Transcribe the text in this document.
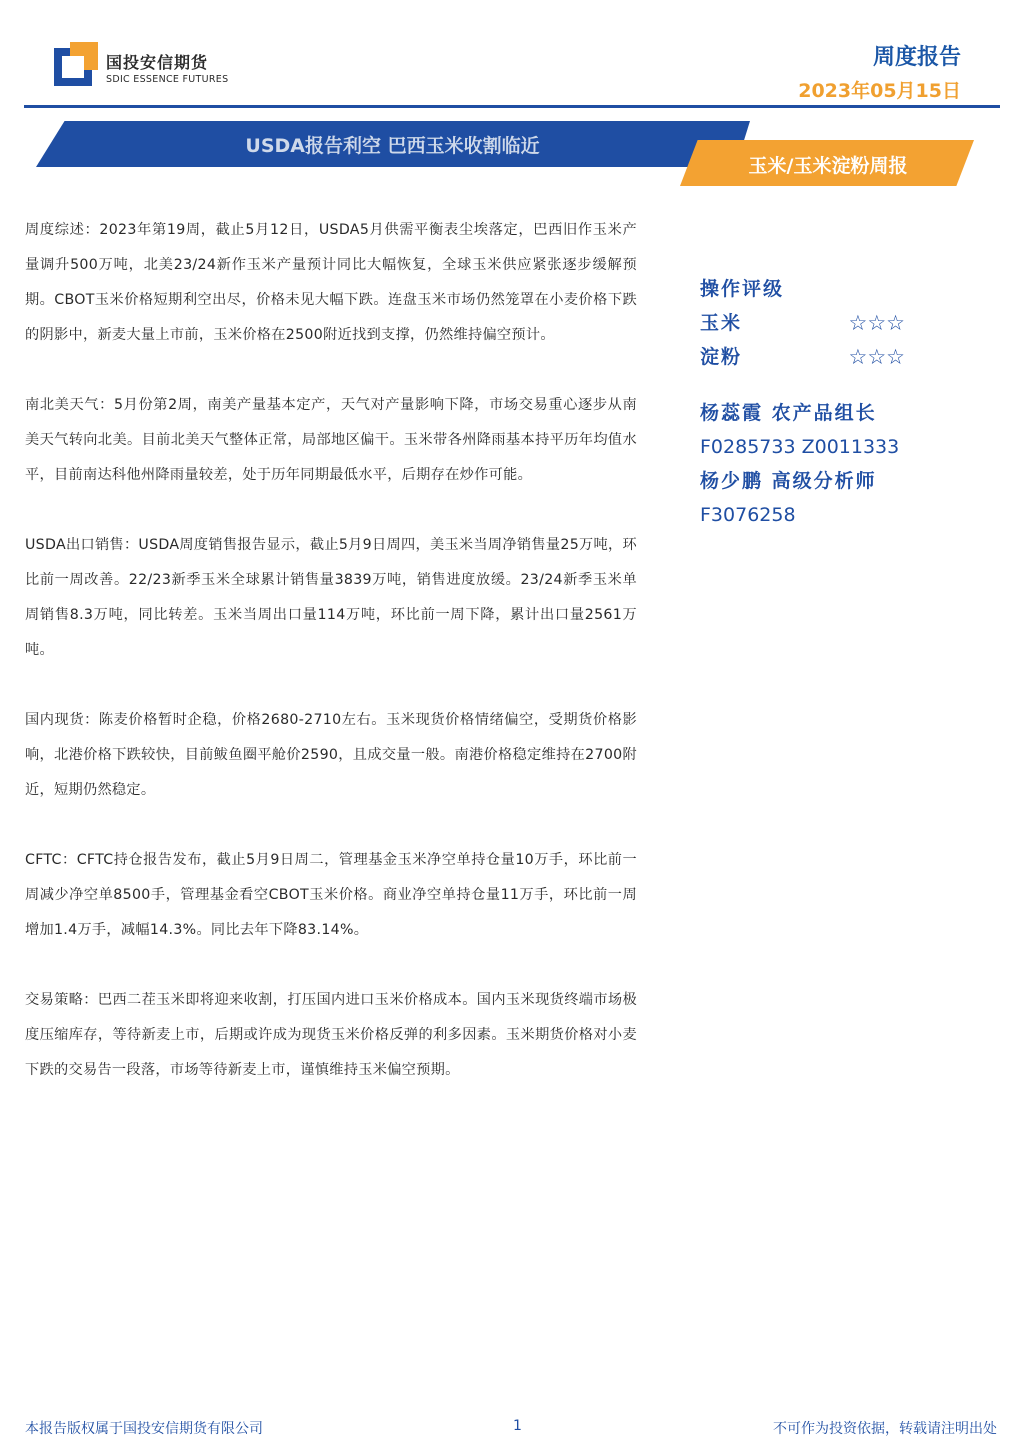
国投安信期货
SDIC ESSENCE FUTURES
周度报告
2023年05月15日
USDA报告利空 巴西玉米收割临近
玉米/玉米淀粉周报

周度综述：2023年第19周，截止5月12日，USDA5月供需平衡表尘埃落定，巴西旧作玉米产量调升500万吨，北美23/24新作玉米产量预计同比大幅恢复，全球玉米供应紧张逐步缓解预期。CBOT玉米价格短期利空出尽，价格未见大幅下跌。连盘玉米市场仍然笼罩在小麦价格下跌的阴影中，新麦大量上市前，玉米价格在2500附近找到支撑，仍然维持偏空预计。

南北美天气：5月份第2周，南美产量基本定产，天气对产量影响下降，市场交易重心逐步从南美天气转向北美。目前北美天气整体正常，局部地区偏干。玉米带各州降雨基本持平历年均值水平，目前南达科他州降雨量较差，处于历年同期最低水平，后期存在炒作可能。

USDA出口销售：USDA周度销售报告显示，截止5月9日周四，美玉米当周净销售量25万吨，环比前一周改善。22/23新季玉米全球累计销售量3839万吨，销售进度放缓。23/24新季玉米单周销售8.3万吨，同比转差。玉米当周出口量114万吨，环比前一周下降，累计出口量2561万吨。

国内现货：陈麦价格暂时企稳，价格2680-2710左右。玉米现货价格情绪偏空，受期货价格影响，北港价格下跌较快，目前鲅鱼圈平舱价2590，且成交量一般。南港价格稳定维持在2700附近，短期仍然稳定。

CFTC：CFTC持仓报告发布，截止5月9日周二，管理基金玉米净空单持仓量10万手，环比前一周减少净空单8500手，管理基金看空CBOT玉米价格。商业净空单持仓量11万手，环比前一周增加1.4万手，减幅14.3%。同比去年下降83.14%。

交易策略：巴西二茬玉米即将迎来收割，打压国内进口玉米价格成本。国内玉米现货终端市场极度压缩库存，等待新麦上市，后期或许成为现货玉米价格反弹的利多因素。玉米期货价格对小麦下跌的交易告一段落，市场等待新麦上市，谨慎维持玉米偏空预期。

操作评级
玉米	☆☆☆
淀粉	☆☆☆
杨蕊霞 农产品组长
F0285733 Z0011333
杨少鹏 高级分析师
F3076258
本报告版权属于国投安信期货有限公司	1	不可作为投资依据，转载请注明出处
